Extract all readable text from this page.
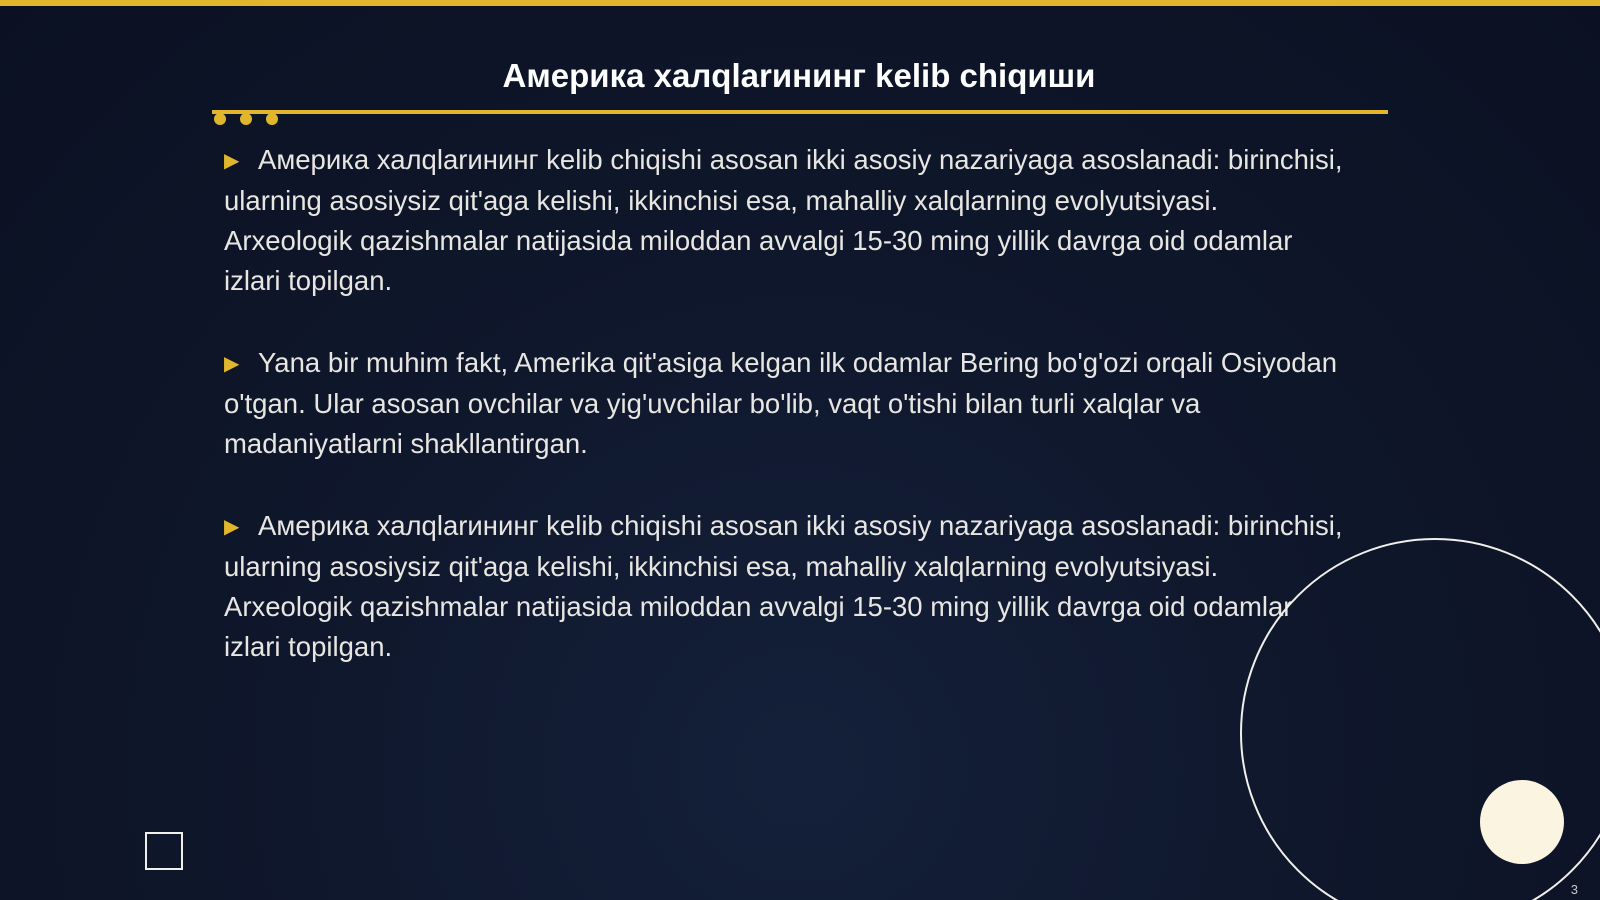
Америка халqlarининг kelib chiqиши

▶ Америка халqlarининг kelib chiqishi asosan ikki asosiy nazariyaga asoslanadi: birinchisi, ularning asosiysiz qit'aga kelishi, ikkinchisi esa, mahalliy xalqlarning evolyutsiyasi. Arxeologik qazishmalar natijasida miloddan avvalgi 15-30 ming yillik davrga oid odamlar izlari topilgan.

▶ Yana bir muhim fakt, Amerika qit'asiga kelgan ilk odamlar Bering bo'g'ozi orqali Osiyodan o'tgan. Ular asosan ovchilar va yig'uvchilar bo'lib, vaqt o'tishi bilan turli xalqlar va madaniyatlarni shakllantirgan.

▶ Америка халqlarининг kelib chiqishi asosan ikki asosiy nazariyaga asoslanadi: birinchisi, ularning asosiysiz qit'aga kelishi, ikkinchisi esa, mahalliy xalqlarning evolyutsiyasi. Arxeologik qazishmalar natijasida miloddan avvalgi 15-30 ming yillik davrga oid odamlar izlari topilgan.

3
